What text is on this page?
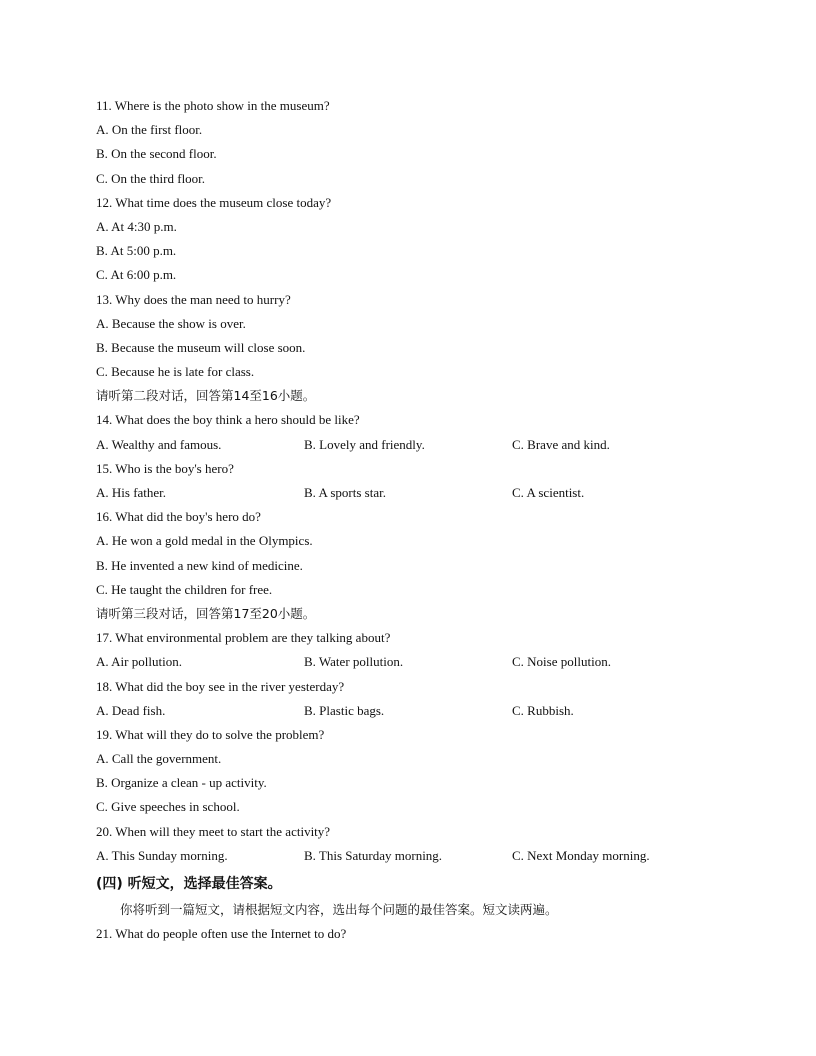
11. Where is the photo show in the museum?
A. On the first floor.
B. On the second floor.
C. On the third floor.
12. What time does the museum close today?
A. At 4:30 p.m.
B. At 5:00 p.m.
C. At 6:00 p.m.
13. Why does the man need to hurry?
A. Because the show is over.
B. Because the museum will close soon.
C. Because he is late for class.
请听第二段对话，回答第14至16小题。
14. What does the boy think a hero should be like?
A. Wealthy and famous.	B. Lovely and friendly.	C. Brave and kind.
15. Who is the boy's hero?
A. His father.	B. A sports star.	C. A scientist.
16. What did the boy's hero do?
A. He won a gold medal in the Olympics.
B. He invented a new kind of medicine.
C. He taught the children for free.
请听第三段对话，回答第17至20小题。
17. What environmental problem are they talking about?
A. Air pollution.	B. Water pollution.	C. Noise pollution.
18. What did the boy see in the river yesterday?
A. Dead fish.	B. Plastic bags.	C. Rubbish.
19. What will they do to solve the problem?
A. Call the government.
B. Organize a clean - up activity.
C. Give speeches in school.
20. When will they meet to start the activity?
A. This Sunday morning.	B. This Saturday morning.	C. Next Monday morning.
(四) 听短文，选择最佳答案。
你将听到一篇短文，请根据短文内容，选出每个问题的最佳答案。短文读两遍。
21. What do people often use the Internet to do?
